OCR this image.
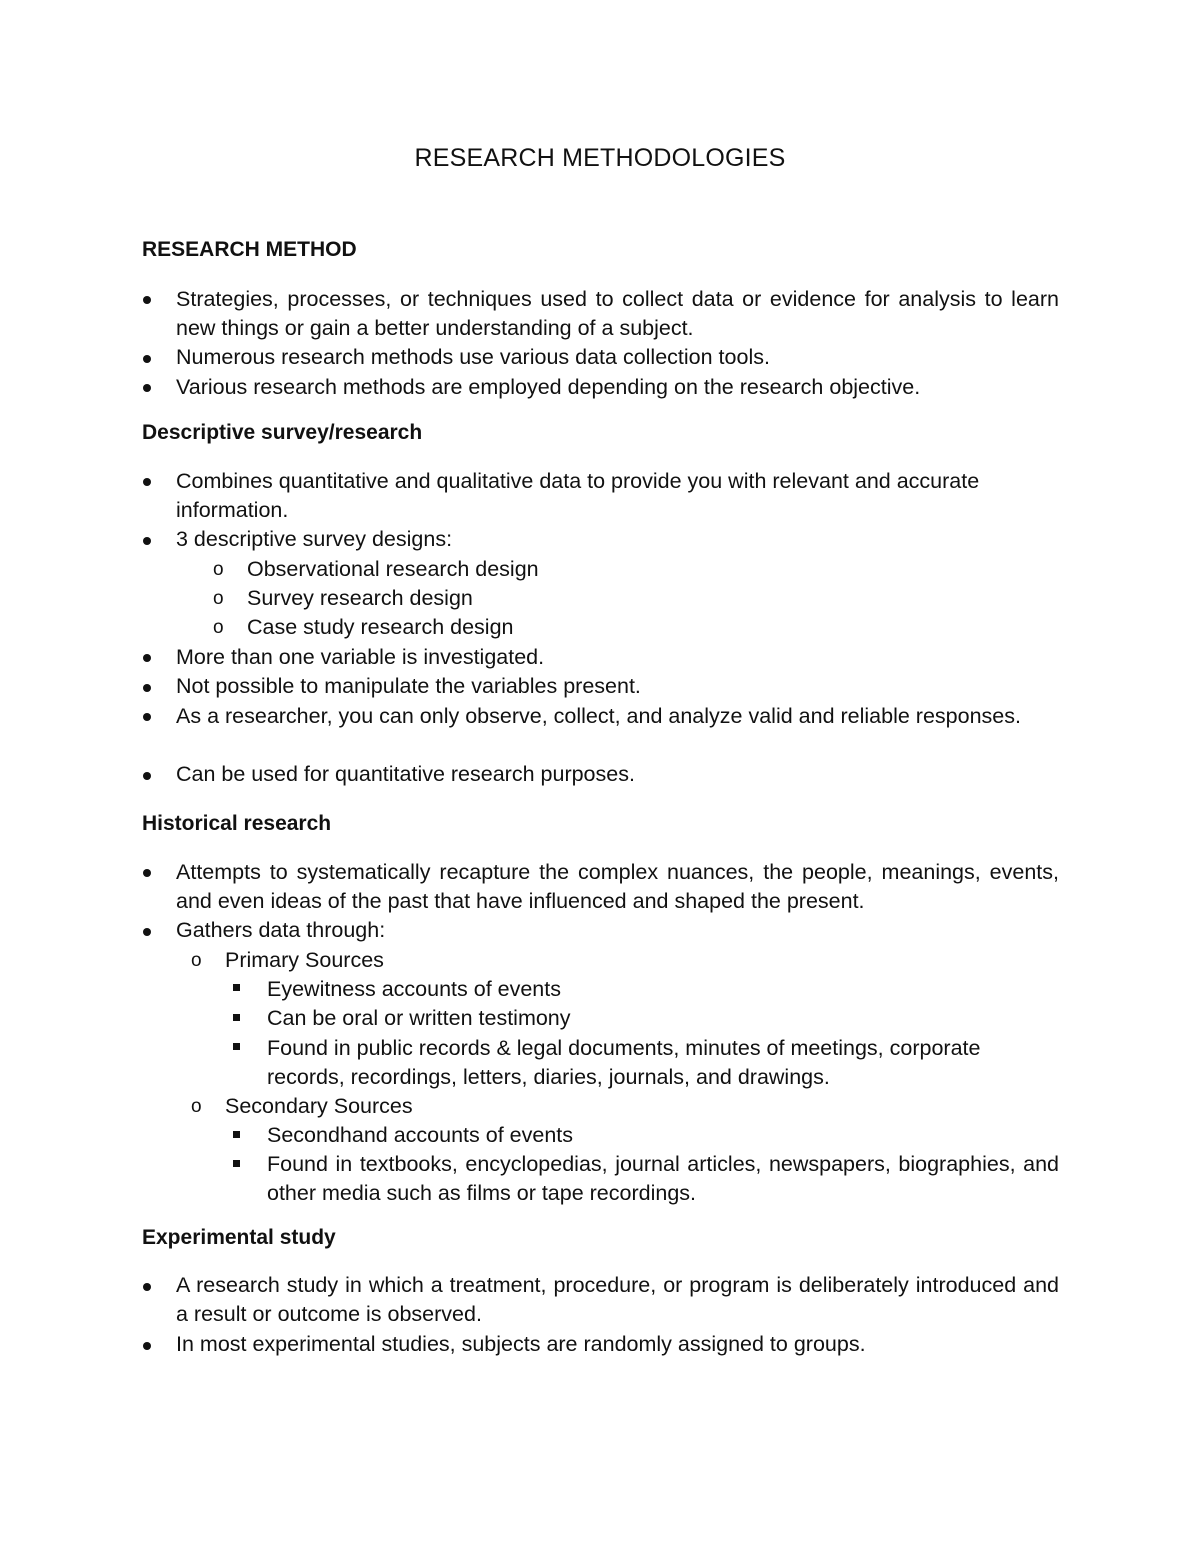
RESEARCH METHODOLOGIES
RESEARCH METHOD
Strategies, processes, or techniques used to collect data or evidence for analysis to learn new things or gain a better understanding of a subject.
Numerous research methods use various data collection tools.
Various research methods are employed depending on the research objective.
Descriptive survey/research
Combines quantitative and qualitative data to provide you with relevant and accurate information.
3 descriptive survey designs:
o Observational research design
o Survey research design
o Case study research design
More than one variable is investigated.
Not possible to manipulate the variables present.
As a researcher, you can only observe, collect, and analyze valid and reliable responses.
Can be used for quantitative research purposes.
Historical research
Attempts to systematically recapture the complex nuances, the people, meanings, events, and even ideas of the past that have influenced and shaped the present.
Gathers data through:
o Primary Sources
Eyewitness accounts of events
Can be oral or written testimony
Found in public records & legal documents, minutes of meetings, corporate records, recordings, letters, diaries, journals, and drawings.
o Secondary Sources
Secondhand accounts of events
Found in textbooks, encyclopedias, journal articles, newspapers, biographies, and other media such as films or tape recordings.
Experimental study
A research study in which a treatment, procedure, or program is deliberately introduced and a result or outcome is observed.
In most experimental studies, subjects are randomly assigned to groups.
